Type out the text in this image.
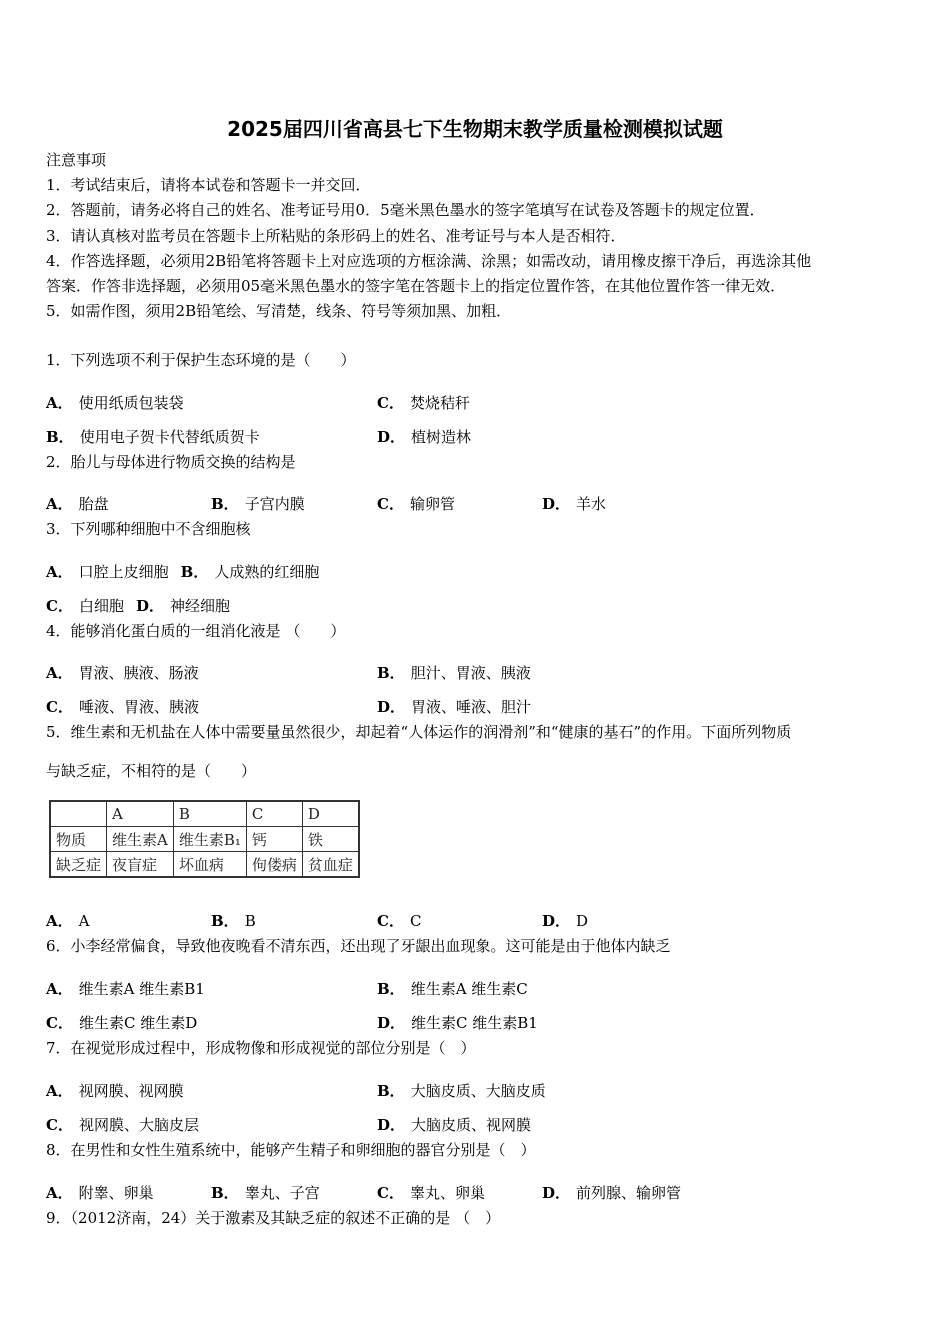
2025届四川省高县七下生物期末教学质量检测模拟试题
注意事项
1．考试结束后，请将本试卷和答题卡一并交回．
2．答题前，请务必将自己的姓名、准考证号用0．5毫米黑色墨水的签字笔填写在试卷及答题卡的规定位置．
3．请认真核对监考员在答题卡上所粘贴的条形码上的姓名、准考证号与本人是否相符．
4．作答选择题，必须用2B铅笔将答题卡上对应选项的方框涂满、涂黑；如需改动，请用橡皮擦干净后，再选涂其他
答案．作答非选择题，必须用05毫米黑色墨水的签字笔在答题卡上的指定位置作答，在其他位置作答一律无效．
5．如需作图，须用2B铅笔绘、写清楚，线条、符号等须加黑、加粗．
1．下列选项不利于保护生态环境的是（　　）
A． 使用纸质包装袋	C． 焚烧秸秆
B． 使用电子贺卡代替纸质贺卡	D． 植树造林
2．胎儿与母体进行物质交换的结构是
A． 胎盘	B． 子宫内膜	C． 输卵管	D． 羊水
3．下列哪种细胞中不含细胞核
A． 口腔上皮细胞 B． 人成熟的红细胞
C． 白细胞 D． 神经细胞
4．能够消化蛋白质的一组消化液是 （　　）
A． 胃液、胰液、肠液	B． 胆汁、胃液、胰液
C． 唾液、胃液、胰液	D． 胃液、唾液、胆汁
5．维生素和无机盐在人体中需要量虽然很少，却起着“人体运作的润滑剂”和“健康的基石”的作用。下面所列物质
与缺乏症，不相符的是（　　）
A． A	B． B	C． C	D． D
6．小李经常偏食，导致他夜晚看不清东西，还出现了牙龈出血现象。这可能是由于他体内缺乏
A． 维生素A 维生素B1	B． 维生素A 维生素C
C． 维生素C 维生素D	D． 维生素C 维生素B1
7．在视觉形成过程中，形成物像和形成视觉的部位分别是（　）
A． 视网膜、视网膜	B． 大脑皮质、大脑皮质
C． 视网膜、大脑皮层	D． 大脑皮质、视网膜
8．在男性和女性生殖系统中，能够产生精子和卵细胞的器官分别是（　）
A． 附睾、卵巢	B． 睾丸、子宫	C． 睾丸、卵巢	D． 前列腺、输卵管
9．（2012济南，24）关于激素及其缺乏症的叙述不正确的是 （　）
	A	B	C	D
物质	维生素A	维生素B₁	钙	铁
缺乏症	夜盲症	坏血病	佝偻病	贫血症
